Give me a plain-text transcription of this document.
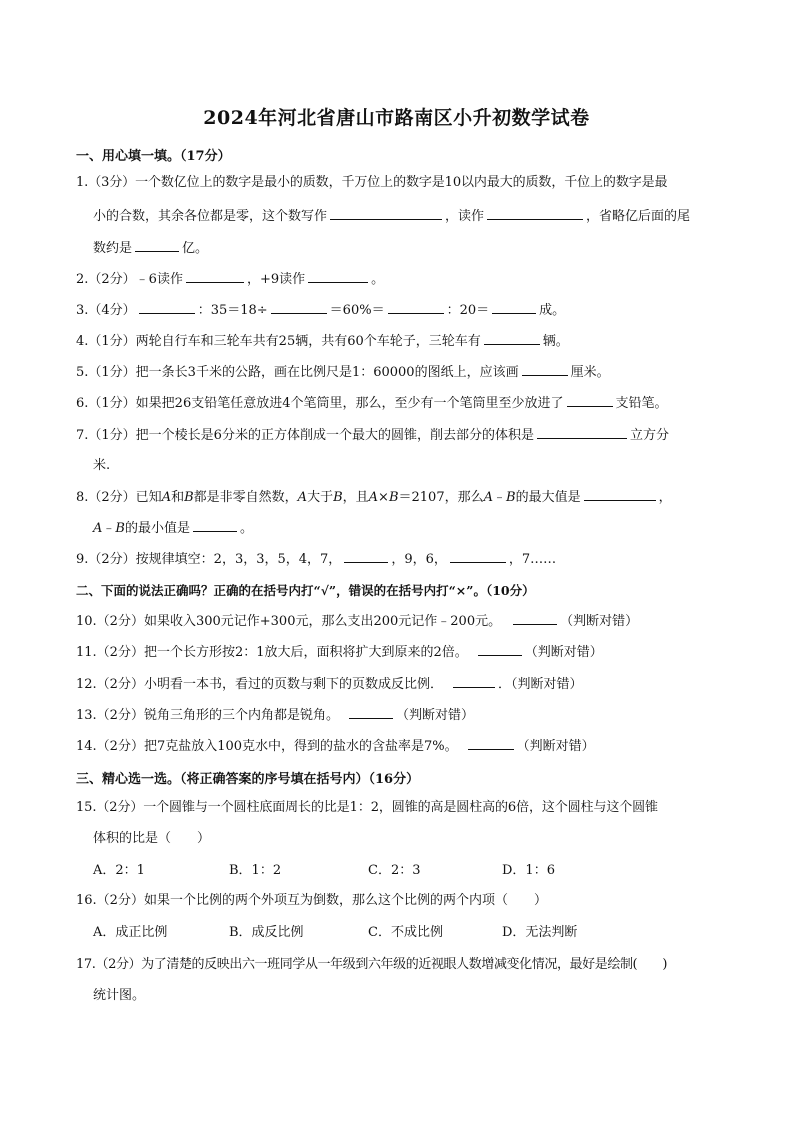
2024年河北省唐山市路南区小升初数学试卷
一、用心填一填。（17分）
1.（3分）一个数亿位上的数字是最小的质数，千万位上的数字是10以内最大的质数，千位上的数字是最
小的合数，其余各位都是零，这个数写作	，读作	，省略亿后面的尾
数约是	亿。
2.（2分）﹣6读作	，+9读作	。
3.（4分）	：35＝18÷	＝60%＝	：20＝	成。
4.（1分）两轮自行车和三轮车共有25辆，共有60个车轮子，三轮车有	辆。
5.（1分）把一条长3千米的公路，画在比例尺是1：60000的图纸上，应该画	厘米。
6.（1分）如果把26支铅笔任意放进4个笔筒里，那么，至少有一个笔筒里至少放进了	支铅笔。
7.（1分）把一个棱长是6分米的正方体削成一个最大的圆锥，削去部分的体积是	立方分
米.
8.（2分）已知A和B都是非零自然数，A大于B，且A×B＝2107，那么A﹣B的最大值是	，
A﹣B的最小值是	。
9.（2分）按规律填空：2，3，3，5，4，7，	，9，6，	，7……
二、下面的说法正确吗？正确的在括号内打“√”，错误的在括号内打“×”。（10分）
10.（2分）如果收入300元记作+300元，那么支出200元记作﹣200元。	（判断对错）
11.（2分）把一个长方形按2：1放大后，面积将扩大到原来的2倍。	（判断对错）
12.（2分）小明看一本书，看过的页数与剩下的页数成反比例．	．（判断对错）
13.（2分）锐角三角形的三个内角都是锐角。	（判断对错）
14.（2分）把7克盐放入100克水中，得到的盐水的含盐率是7%。	（判断对错）
三、精心选一选。（将正确答案的序号填在括号内）（16分）
15.（2分）一个圆锥与一个圆柱底面周长的比是1：2，圆锥的高是圆柱高的6倍，这个圆柱与这个圆锥
体积的比是（　　）
A．2：1	B．1：2	C．2：3	D．1：6
16.（2分）如果一个比例的两个外项互为倒数，那么这个比例的两个内项（　　）
A．成正比例	B．成反比例	C．不成比例	D．无法判断
17.（2分）为了清楚的反映出六一班同学从一年级到六年级的近视眼人数增减变化情况，最好是绘制(　　)
统计图。
